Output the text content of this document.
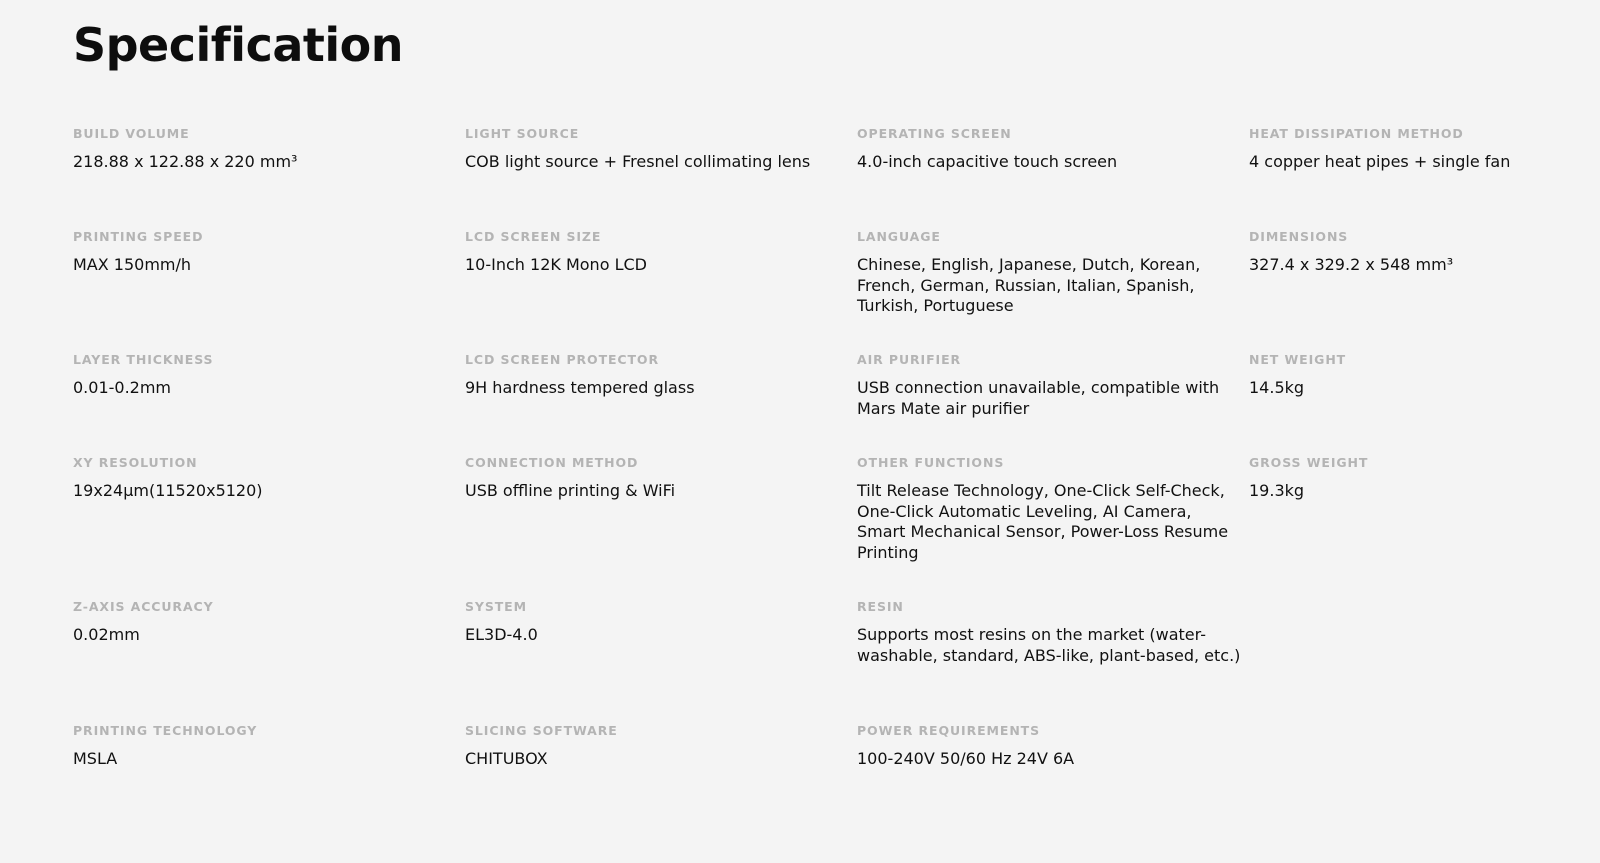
Specification
BUILD VOLUME
218.88 x 122.88 x 220 mm³
LIGHT SOURCE
COB light source + Fresnel collimating lens
OPERATING SCREEN
4.0-inch capacitive touch screen
HEAT DISSIPATION METHOD
4 copper heat pipes + single fan
PRINTING SPEED
MAX 150mm/h
LCD SCREEN SIZE
10-Inch 12K Mono LCD
LANGUAGE
Chinese, English, Japanese, Dutch, Korean, French, German, Russian, Italian, Spanish, Turkish, Portuguese
DIMENSIONS
327.4 x 329.2 x 548 mm³
LAYER THICKNESS
0.01-0.2mm
LCD SCREEN PROTECTOR
9H hardness tempered glass
AIR PURIFIER
USB connection unavailable, compatible with Mars Mate air purifier
NET WEIGHT
14.5kg
XY RESOLUTION
19x24μm(11520x5120)
CONNECTION METHOD
USB offline printing & WiFi
OTHER FUNCTIONS
Tilt Release Technology, One-Click Self-Check, One-Click Automatic Leveling, AI Camera, Smart Mechanical Sensor, Power-Loss Resume Printing
GROSS WEIGHT
19.3kg
Z-AXIS ACCURACY
0.02mm
SYSTEM
EL3D-4.0
RESIN
Supports most resins on the market (water-washable, standard, ABS-like, plant-based, etc.)
PRINTING TECHNOLOGY
MSLA
SLICING SOFTWARE
CHITUBOX
POWER REQUIREMENTS
100-240V 50/60 Hz 24V 6A
